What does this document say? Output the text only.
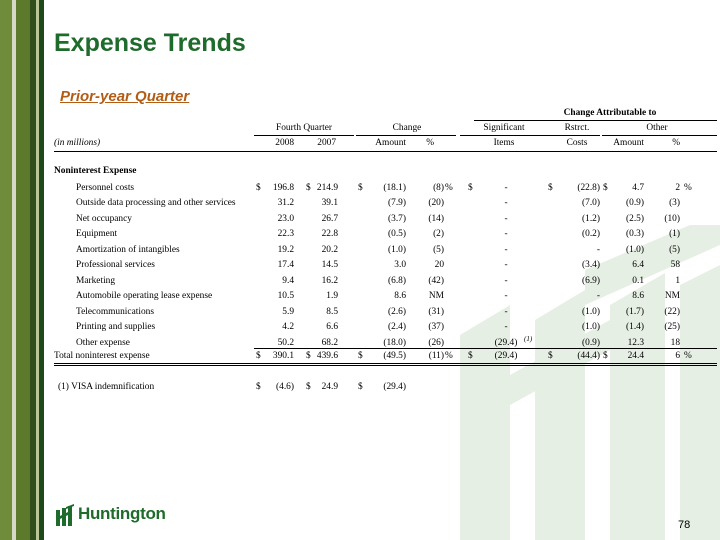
Expense Trends
Prior-year Quarter
Change Attributable to
Fourth Quarter	Change	Significant	Rstrct.	Other
(in millions)	2008	2007	Amount	%	Items	Costs	Amount	%
Noninterest Expense
Personnel costs	$	196.8 $ 214.9 $	(18.1)	(8) % $	-	$	(22.8) $	4.7	2 %
Outside data processing and other services	31.2	39.1	(7.9)	(20)	-	(7.0)	(0.9)	(3)
Net occupancy	23.0	26.7	(3.7)	(14)	-	(1.2)	(2.5)	(10)
Equipment	22.3	22.8	(0.5)	(2)	-	(0.2)	(0.3)	(1)
Amortization of intangibles	19.2	20.2	(1.0)	(5)	-	-	(1.0)	(5)
Professional services	17.4	14.5	3.0	20	-	(3.4)	6.4	58
Marketing	9.4	16.2	(6.8)	(42)	-	(6.9)	0.1	1
Automobile operating lease expense	10.5	1.9	8.6	NM	-	-	8.6	NM
Telecommunications	5.9	8.5	(2.6)	(31)	-	(1.0)	(1.7)	(22)
Printing and supplies	4.2	6.6	(2.4)	(37)	-	(1.0)	(1.4)	(25)
Other expense	50.2	68.2	(18.0)	(26)	(29.4) (1)	(0.9)	12.3	18
Total noninterest expense	$	390.1 $ 439.6 $	(49.5)	(11) % $	(29.4)	$	(44.4) $	24.4	6 %
(1) VISA indemnification	$	(4.6) $	24.9 $	(29.4)
Huntington
78
